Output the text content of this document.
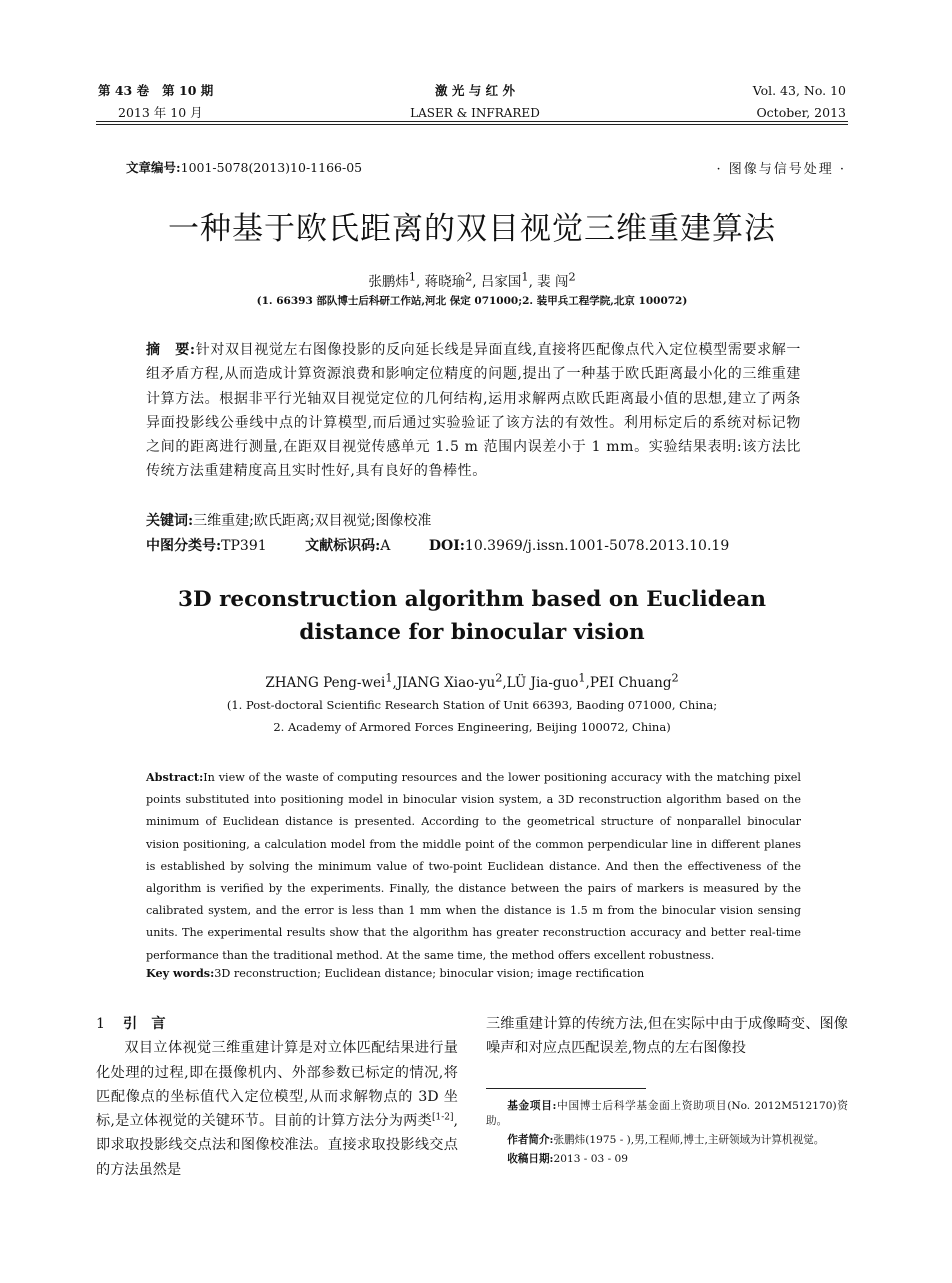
第 43 卷 第 10 期
2013 年 10 月
激 光 与 红 外
LASER & INFRARED
Vol. 43, No. 10
October, 2013
文章编号:1001-5078(2013)10-1166-05	· 图像与信号处理 ·
一种基于欧氏距离的双目视觉三维重建算法
张鹏炜$^1$, 蒋晓瑜$^2$, 吕家国$^1$, 裴 闯$^2$
(1. 66393 部队博士后科研工作站,河北 保定 071000;2. 装甲兵工程学院,北京 100072)
摘　要:针对双目视觉左右图像投影的反向延长线是异面直线,直接将匹配像点代入定位模型需要求解一组矛盾方程,从而造成计算资源浪费和影响定位精度的问题,提出了一种基于欧氏距离最小化的三维重建计算方法。根据非平行光轴双目视觉定位的几何结构,运用求解两点欧氏距离最小值的思想,建立了两条异面投影线公垂线中点的计算模型,而后通过实验验证了该方法的有效性。利用标定后的系统对标记物之间的距离进行测量,在距双目视觉传感单元 1.5 m 范围内误差小于 1 mm。实验结果表明:该方法比传统方法重建精度高且实时性好,具有良好的鲁棒性。
关键词:三维重建;欧氏距离;双目视觉;图像校准
中图分类号:TP391	文献标识码:A	DOI:10.3969/j.issn.1001-5078.2013.10.19
3D reconstruction algorithm based on Euclidean
distance for binocular vision
ZHANG Peng-wei$^1$,JIANG Xiao-$yu^2,LÜ$ Jia-guo$^1$,PEI Chuang$^2$
(1. Post-doctoral Scientific Research Station of Unit 66393, Baoding 071000, China;
2. Academy of Armored Forces Engineering, Beijing 100072, China)
Abstract:In view of the waste of computing resources and the lower positioning accuracy with the matching pixel points substituted into positioning model in binocular vision system, a 3D reconstruction algorithm based on the minimum of Euclidean distance is presented. According to the geometrical structure of nonparallel binocular vision positioning, a calculation model from the middle point of the common perpendicular line in different planes is established by solving the minimum value of two-point Euclidean distance. And then the effectiveness of the algorithm is verified by the experiments. Finally, the distance between the pairs of markers is measured by the calibrated system, and the error is less than 1 mm when the distance is 1.5 m from the binocular vision sensing units. The experimental results show that the algorithm has greater reconstruction accuracy and better real-time performance than the traditional method. At the same time, the method offers excellent robustness.
Key words:3D reconstruction; Euclidean distance; binocular vision; image rectification
1 引　言

双目立体视觉三维重建计算是对立体匹配结果进行量化处理的过程,即在摄像机内、外部参数已标定的情况,将匹配像点的坐标值代入定位模型,从而求解物点的 3D 坐标,是立体视觉的关键环节。目前的计算方法分为两类[1-2],即求取投影线交点法和图像校准法。直接求取投影线交点的方法虽然是

三维重建计算的传统方法,但在实际中由于成像畸变、图像噪声和对应点匹配误差,物点的左右图像投

基金项目:中国博士后科学基金面上资助项目(No. 2012M512170)资助。

作者简介:张鹏炜(1975 - ),男,工程师,博士,主研领域为计算机视觉。

收稿日期:2013 - 03 - 09
